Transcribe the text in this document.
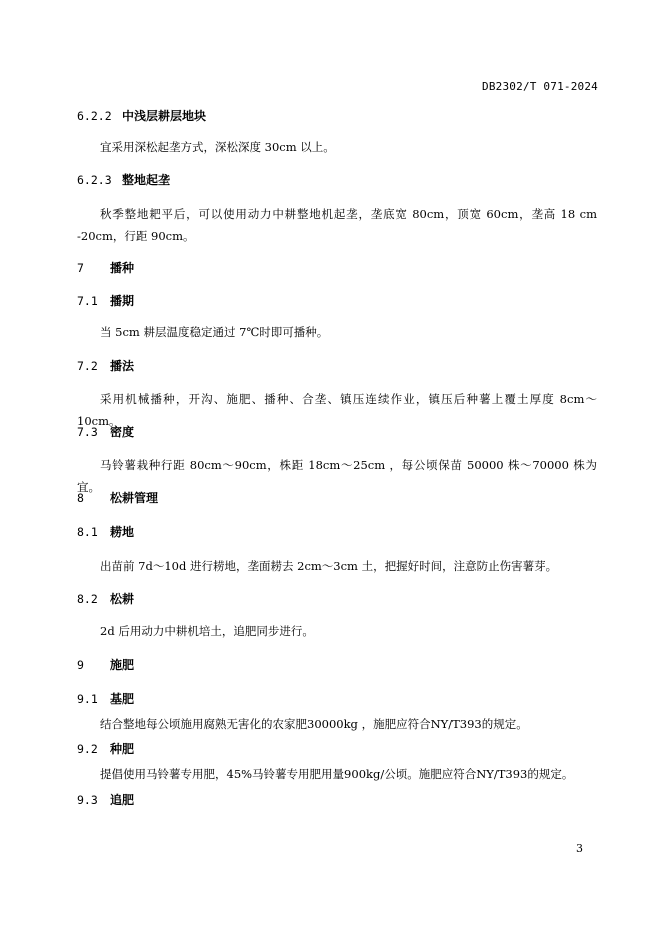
DB2302/T 071-2024
6.2.2 中浅层耕层地块
宜采用深松起垄方式，深松深度 30cm 以上。
6.2.3 整地起垄
秋季整地耙平后，可以使用动力中耕整地机起垄，垄底宽 80cm，顶宽 60cm，垄高 18 cm -20cm，行距 90cm。
7	播种
7.1	播期
当 5cm 耕层温度稳定通过 7℃时即可播种。
7.2	播法
采用机械播种，开沟、施肥、播种、合垄、镇压连续作业，镇压后种薯上覆土厚度 8cm～10cm。
7.3	密度
马铃薯栽种行距 80cm～90cm，株距 18cm～25cm ，每公顷保苗 50000 株～70000 株为宜。
8	松耕管理
8.1	耢地
出苗前 7d～10d 进行耢地，垄面耢去 2cm～3cm 土，把握好时间，注意防止伤害薯芽。
8.2	松耕
2d 后用动力中耕机培土，追肥同步进行。
9	施肥
9.1	基肥
结合整地每公顷施用腐熟无害化的农家肥30000kg ，施肥应符合NY/T393的规定。
9.2	种肥
提倡使用马铃薯专用肥，45%马铃薯专用肥用量900kg/公顷。施肥应符合NY/T393的规定。
9.3	追肥
3
